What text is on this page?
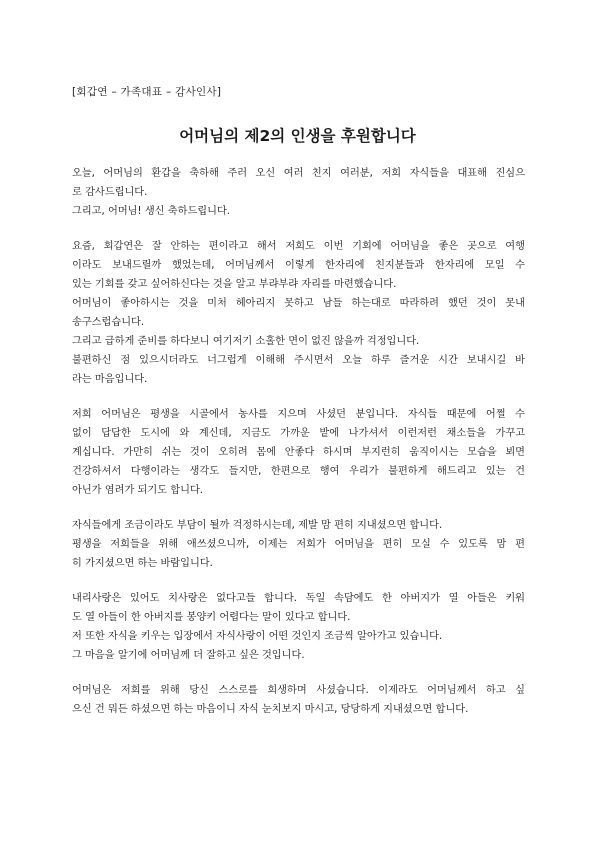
[회갑연 – 가족대표 – 감사인사]
어머님의 제2의 인생을 후원합니다
오늘, 어머님의 환갑을 축하해 주러 오신 여러 친지 여러분, 저희 자식들을 대표해 진심으
로 감사드립니다.
그리고, 어머님! 생신 축하드립니다.
요즘, 회갑연은 잘 안하는 편이라고 해서 저희도 이번 기회에 어머님을 좋은 곳으로 여행
이라도 보내드릴까 했었는데, 어머님께서 이렇게 한자리에 친지분들과 한자리에 모일 수
있는 기회를 갖고 싶어하신다는 것을 알고 부랴부랴 자리를 마련했습니다.
어머님이 좋아하시는 것을 미처 헤아리지 못하고 남들 하는대로 따라하려 했던 것이 못내
송구스럽습니다.
그리고 급하게 준비를 하다보니 여기저기 소홀한 면이 없진 않을까 걱정입니다.
불편하신 점 있으시더라도 너그럽게 이해해 주시면서 오늘 하루 즐거운 시간 보내시길 바
라는 마음입니다.
저희 어머님은 평생을 시골에서 농사를 지으며 사셨던 분입니다. 자식들 때문에 어쩔 수
없이 답답한 도시에 와 계신데, 지금도 가까운 밭에 나가셔서 이런저런 채소들을 가꾸고
계십니다. 가만히 쉬는 것이 오히려 몸에 안좋다 하시며 부지런히 움직이시는 모습을 뵈면
건강하셔서 다행이라는 생각도 들지만, 한편으로 행여 우리가 불편하게 해드리고 있는 건
아닌가 염려가 되기도 합니다.
자식들에게 조금이라도 부담이 될까 걱정하시는데, 제발 맘 편히 지내셨으면 합니다.
평생을 저희들을 위해 애쓰셨으니까, 이제는 저희가 어머님을 편히 모실 수 있도록 맘 편
히 가지셨으면 하는 바람입니다.
내리사랑은 있어도 치사랑은 없다고들 합니다. 독일 속담에도 한 아버지가 열 아들은 키워
도 열 아들이 한 아버지를 봉양키 어렵다는 말이 있다고 합니다.
저 또한 자식을 키우는 입장에서 자식사랑이 어떤 것인지 조금씩 알아가고 있습니다.
그 마음을 알기에 어머님께 더 잘하고 싶은 것입니다.
어머님은 저희를 위해 당신 스스로를 희생하며 사셨습니다. 이제라도 어머님께서 하고 싶
으신 건 뭐든 하셨으면 하는 마음이니 자식 눈치보지 마시고, 당당하게 지내셨으면 합니다.
